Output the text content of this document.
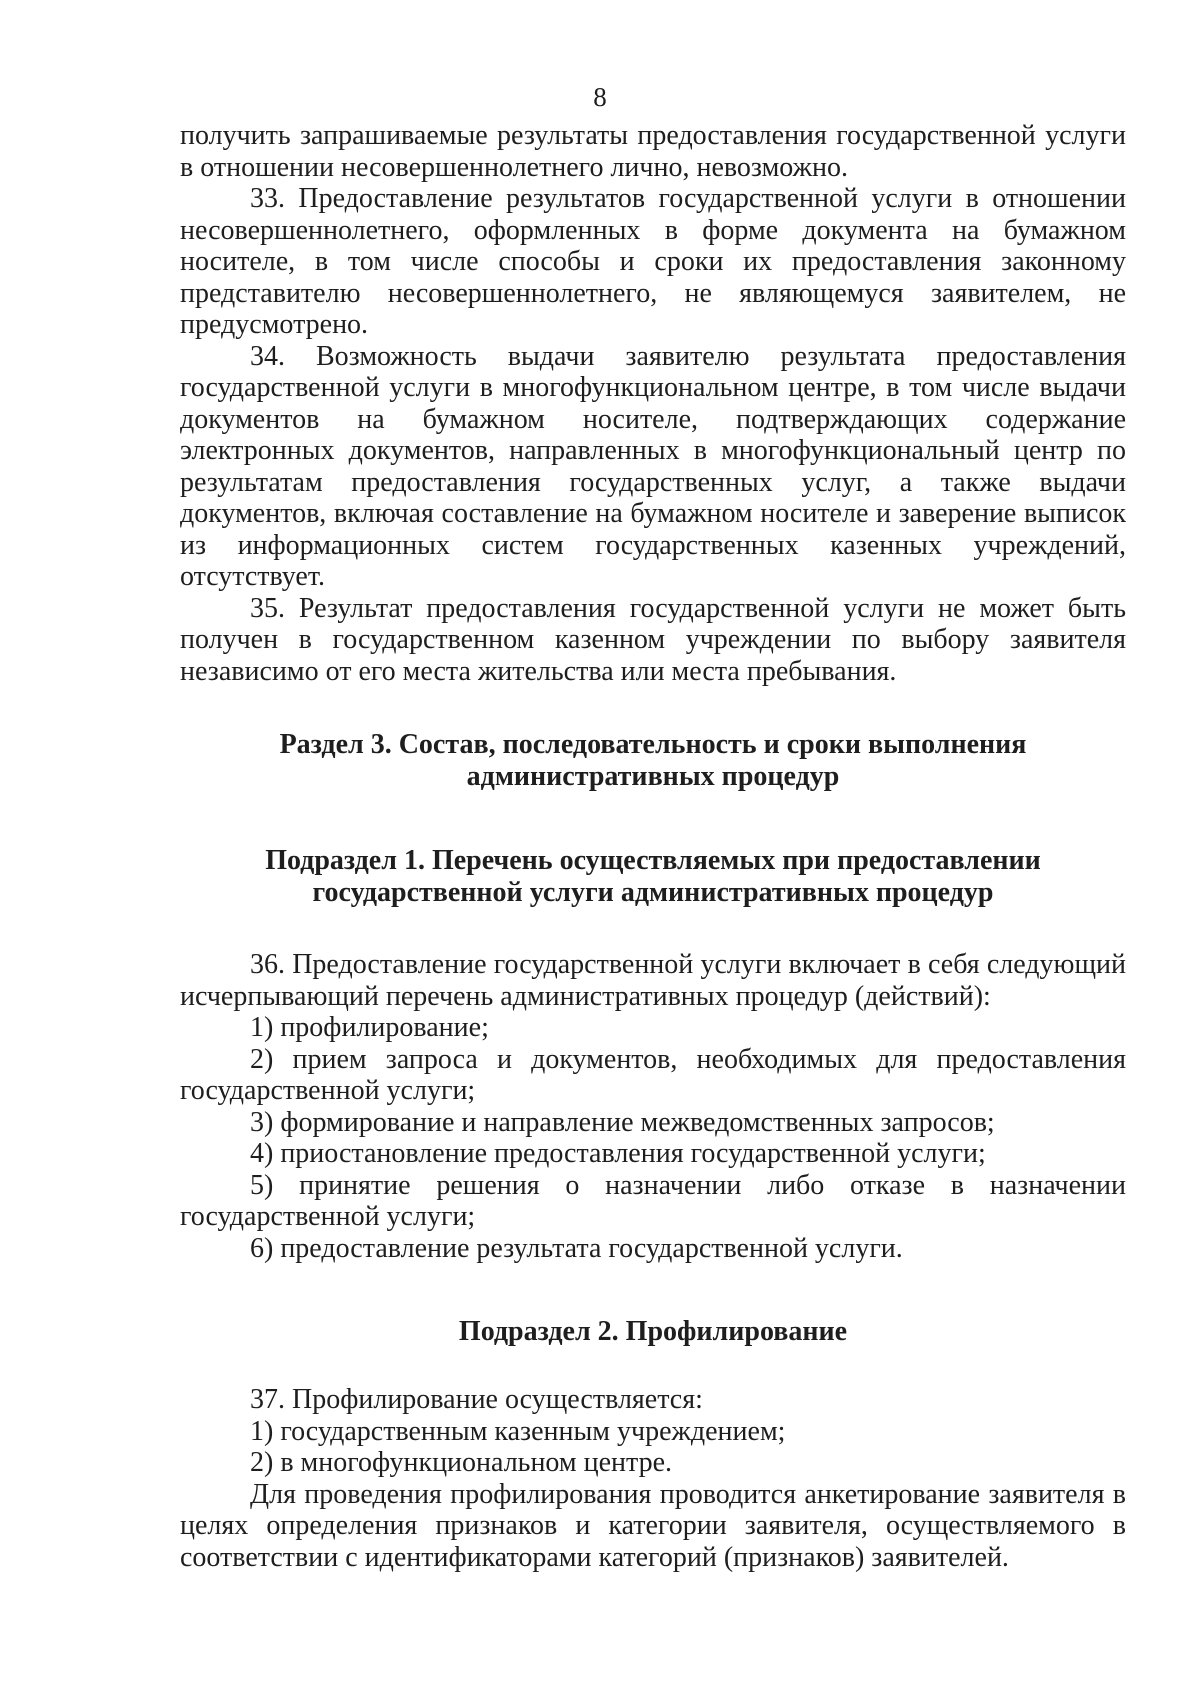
8

получить запрашиваемые результаты предоставления государственной услуги в отношении несовершеннолетнего лично, невозможно.

33. Предоставление результатов государственной услуги в отношении несовершеннолетнего, оформленных в форме документа на бумажном носителе, в том числе способы и сроки их предоставления законному представителю несовершеннолетнего, не являющемуся заявителем, не предусмотрено.

34. Возможность выдачи заявителю результата предоставления государственной услуги в многофункциональном центре, в том числе выдачи документов на бумажном носителе, подтверждающих содержание электронных документов, направленных в многофункциональный центр по результатам предоставления государственных услуг, а также выдачи документов, включая составление на бумажном носителе и заверение выписок из информационных систем государственных казенных учреждений, отсутствует.

35. Результат предоставления государственной услуги не может быть получен в государственном казенном учреждении по выбору заявителя независимо от его места жительства или места пребывания.

Раздел 3. Состав, последовательность и сроки выполнения
административных процедур
Подраздел 1. Перечень осуществляемых при предоставлении
государственной услуги административных процедур

36. Предоставление государственной услуги включает в себя следующий исчерпывающий перечень административных процедур (действий):

1) профилирование;

2) прием запроса и документов, необходимых для предоставления государственной услуги;

3) формирование и направление межведомственных запросов;

4) приостановление предоставления государственной услуги;

5) принятие решения о назначении либо отказе в назначении государственной услуги;

6) предоставление результата государственной услуги.

Подраздел 2. Профилирование

37. Профилирование осуществляется:

1) государственным казенным учреждением;

2) в многофункциональном центре.

Для проведения профилирования проводится анкетирование заявителя в целях определения признаков и категории заявителя, осуществляемого в соответствии с идентификаторами категорий (признаков) заявителей.
